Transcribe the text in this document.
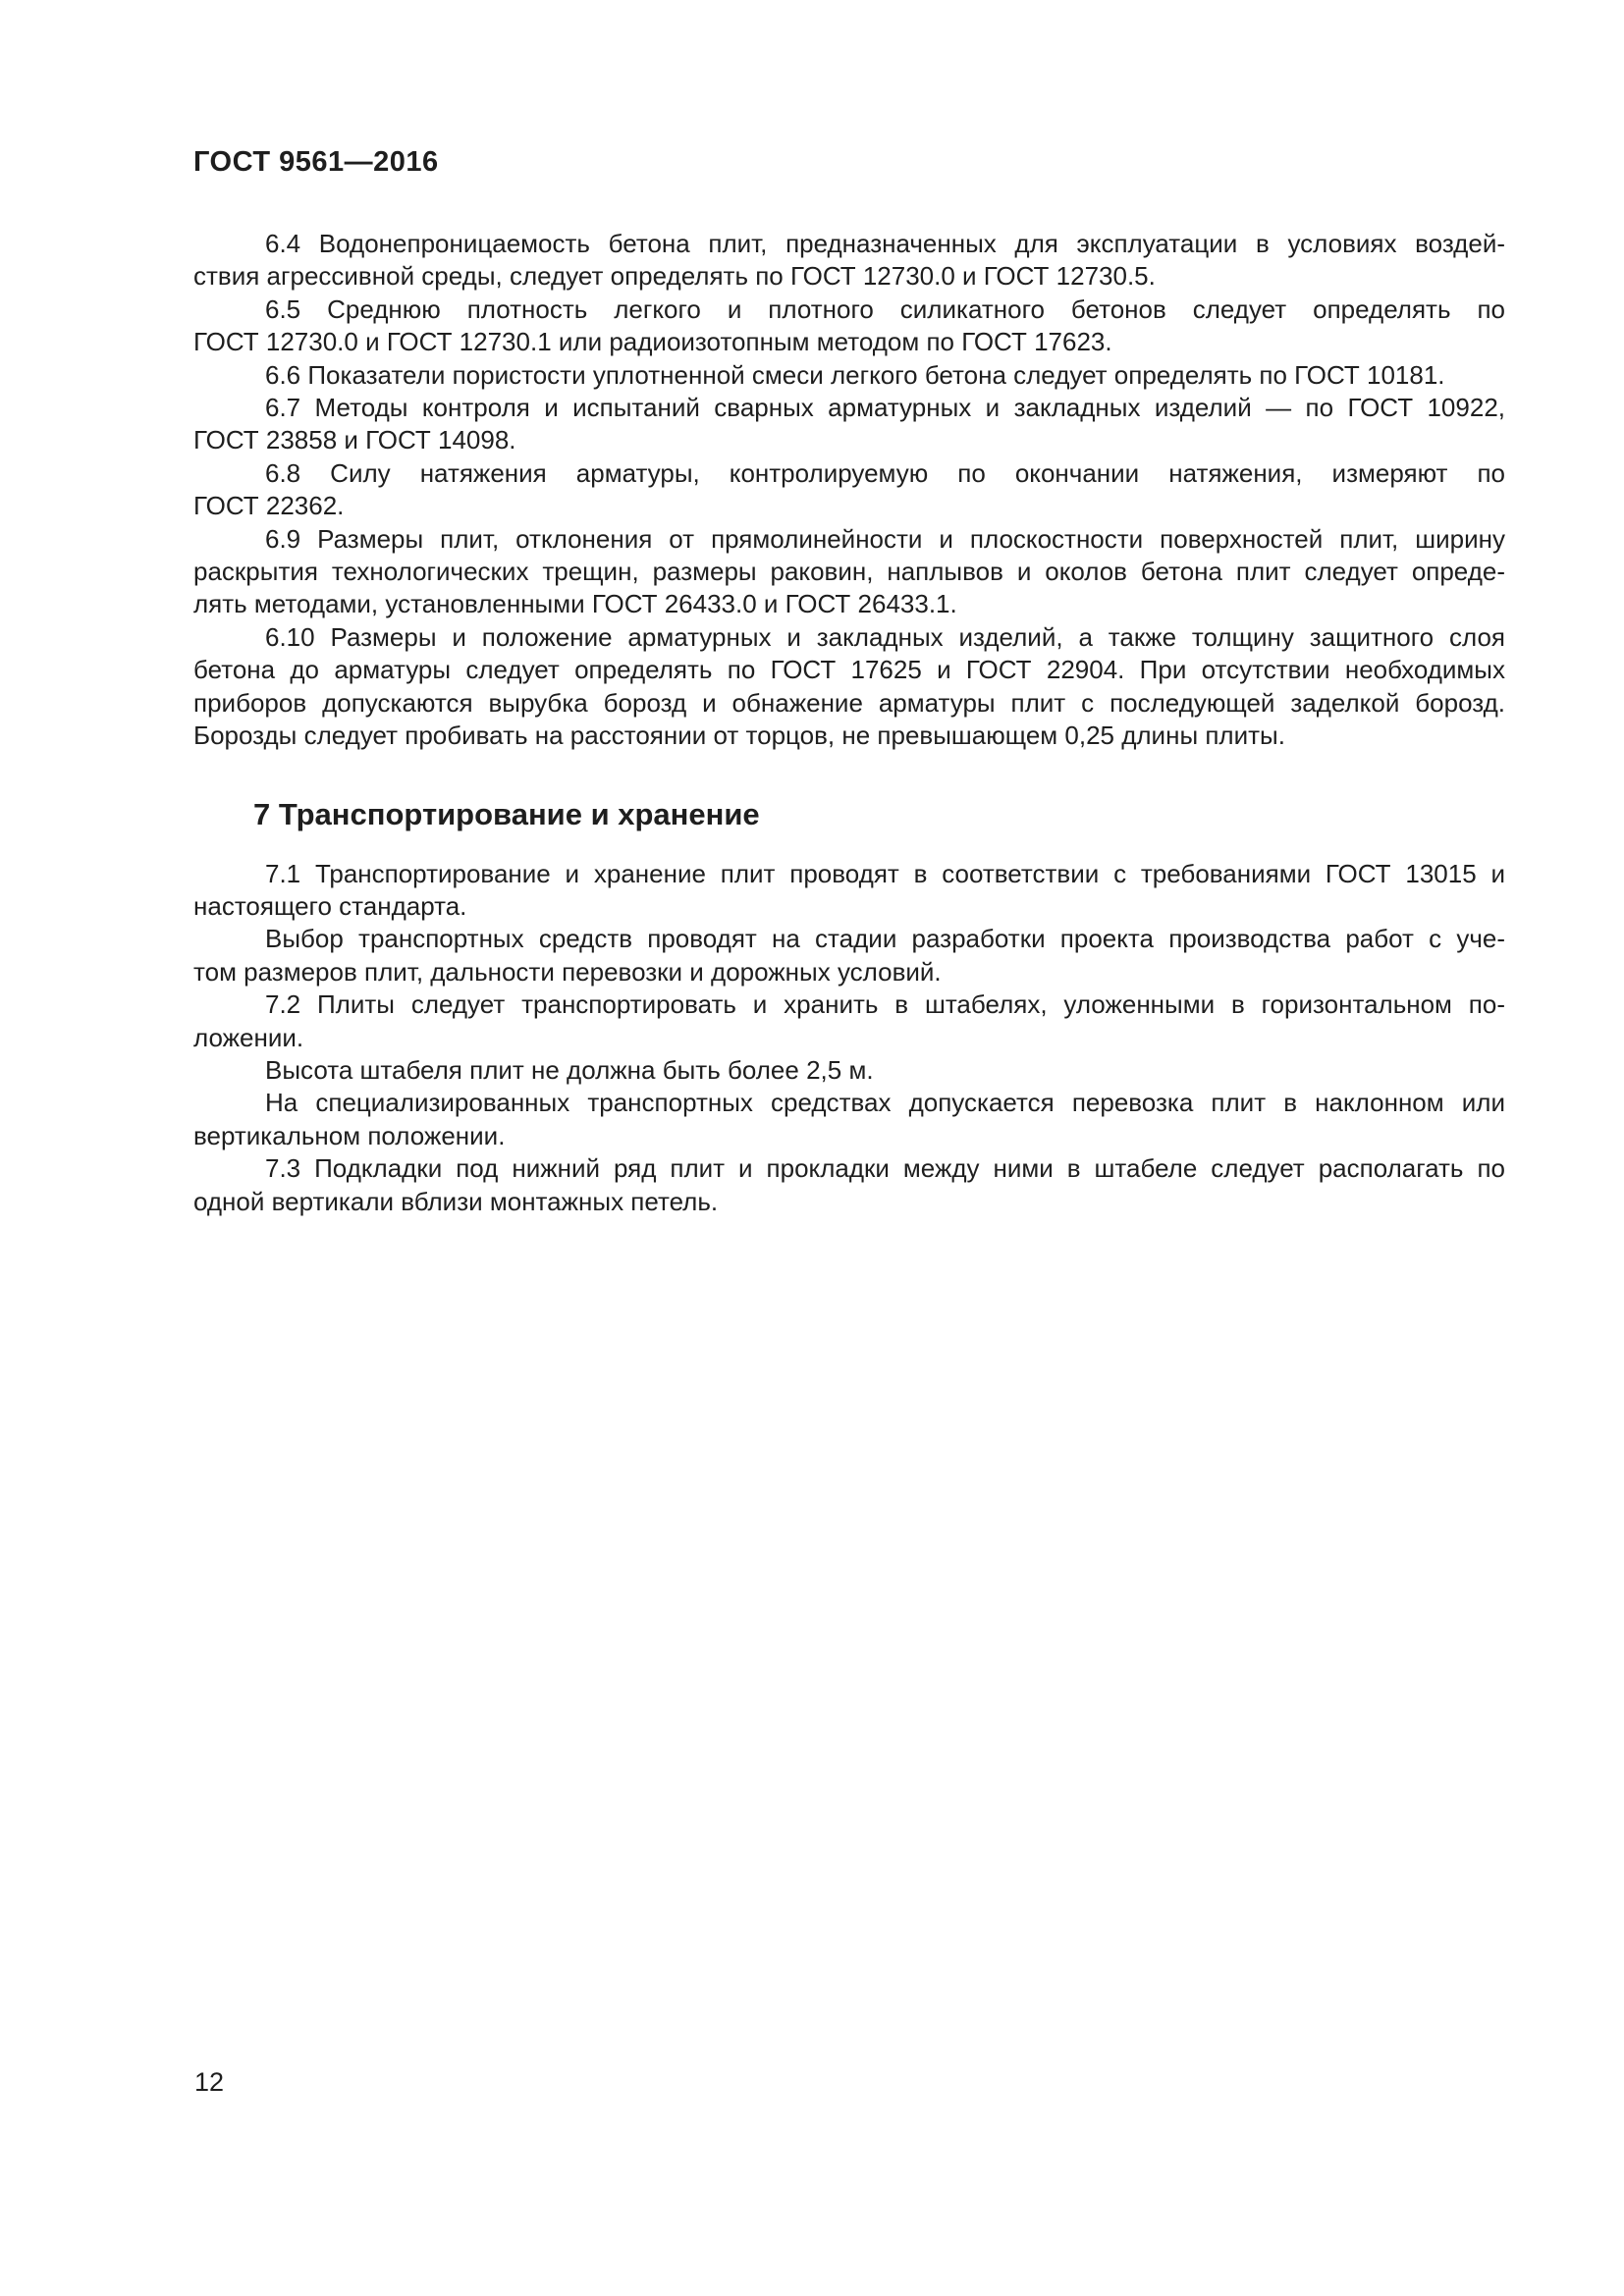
ГОСТ 9561—2016
6.4 Водонепроницаемость бетона плит, предназначенных для эксплуатации в условиях воздей-
ствия агрессивной среды, следует определять по ГОСТ 12730.0 и ГОСТ 12730.5.
6.5 Среднюю плотность легкого и плотного силикатного бетонов следует определять по
ГОСТ 12730.0 и ГОСТ 12730.1 или радиоизотопным методом по ГОСТ 17623.
6.6 Показатели пористости уплотненной смеси легкого бетона следует определять по ГОСТ 10181.
6.7 Методы контроля и испытаний сварных арматурных и закладных изделий — по ГОСТ 10922,
ГОСТ 23858 и ГОСТ 14098.
6.8 Силу натяжения арматуры, контролируемую по окончании натяжения, измеряют по
ГОСТ 22362.
6.9 Размеры плит, отклонения от прямолинейности и плоскостности поверхностей плит, ширину
раскрытия технологических трещин, размеры раковин, наплывов и околов бетона плит следует опреде-
лять методами, установленными ГОСТ 26433.0 и ГОСТ 26433.1.
6.10 Размеры и положение арматурных и закладных изделий, а также толщину защитного слоя
бетона до арматуры следует определять по ГОСТ 17625 и ГОСТ 22904. При отсутствии необходимых
приборов допускаются вырубка борозд и обнажение арматуры плит с последующей заделкой борозд.
Борозды следует пробивать на расстоянии от торцов, не превышающем 0,25 длины плиты.
7 Транспортирование и хранение
7.1 Транспортирование и хранение плит проводят в соответствии с требованиями ГОСТ 13015 и
настоящего стандарта.
Выбор транспортных средств проводят на стадии разработки проекта производства работ с уче-
том размеров плит, дальности перевозки и дорожных условий.
7.2 Плиты следует транспортировать и хранить в штабелях, уложенными в горизонтальном по-
ложении.
Высота штабеля плит не должна быть более 2,5 м.
На специализированных транспортных средствах допускается перевозка плит в наклонном или
вертикальном положении.
7.3 Подкладки под нижний ряд плит и прокладки между ними в штабеле следует располагать по
одной вертикали вблизи монтажных петель.
12
